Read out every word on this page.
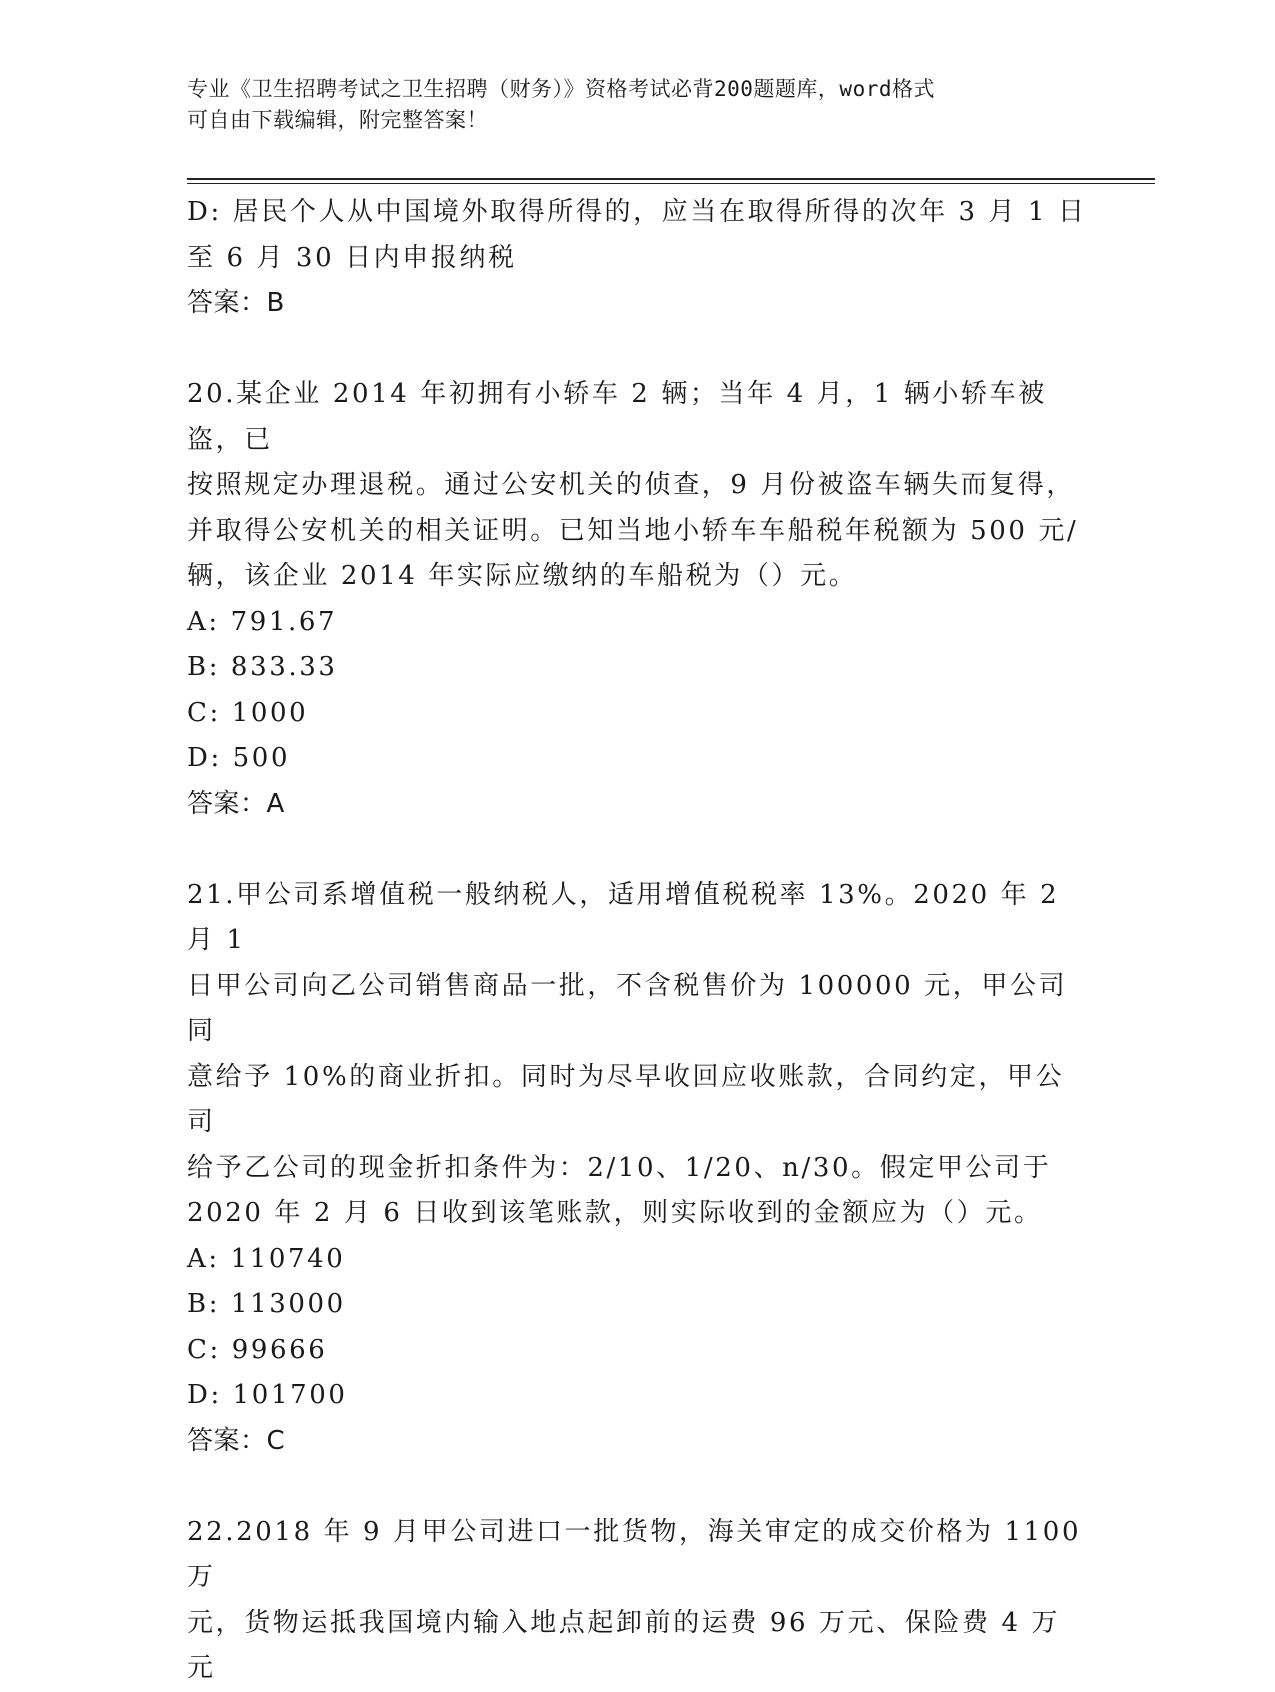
专业《卫生招聘考试之卫生招聘（财务）》资格考试必背200题题库，word格式
可自由下载编辑，附完整答案！

D: 居民个人从中国境外取得所得的，应当在取得所得的次年 3 月 1 日

至 6 月 30 日内申报纳税

答案：B

20.某企业 2014 年初拥有小轿车 2 辆；当年 4 月，1 辆小轿车被盗，已

按照规定办理退税。通过公安机关的侦查，9 月份被盗车辆失而复得，

并取得公安机关的相关证明。已知当地小轿车车船税年税额为 500 元/

辆，该企业 2014 年实际应缴纳的车船税为（）元。

A: 791.67

B: 833.33

C: 1000

D: 500

答案：A

21.甲公司系增值税一般纳税人，适用增值税税率 13%。2020 年 2 月 1

日甲公司向乙公司销售商品一批，不含税售价为 100000 元，甲公司同

意给予 10%的商业折扣。同时为尽早收回应收账款，合同约定，甲公司

给予乙公司的现金折扣条件为：2/10、1/20、n/30。假定甲公司于

2020 年 2 月 6 日收到该笔账款，则实际收到的金额应为（）元。

A: 110740

B: 113000

C: 99666

D: 101700

答案：C

22.2018 年 9 月甲公司进口一批货物，海关审定的成交价格为 1100 万

元，货物运抵我国境内输入地点起卸前的运费 96 万元、保险费 4 万元
